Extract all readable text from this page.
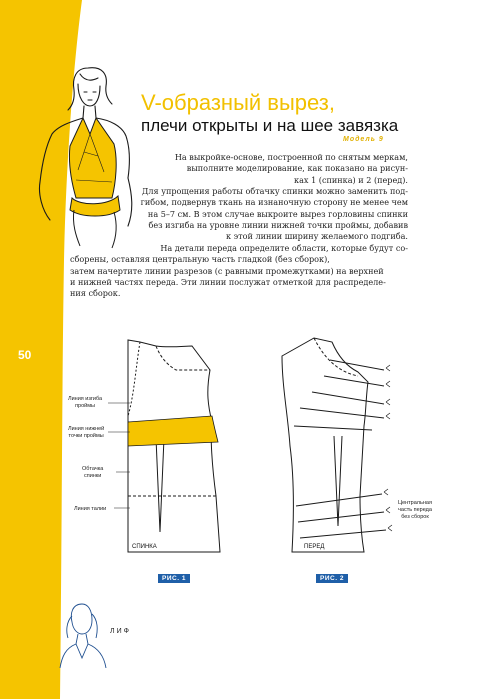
50
V-образный вырез,
плечи открыты и на шее завязка
Модель 9

На выкройке-основе, построенной по снятым меркам,
выполните моделирование, как показано на рисун-
ках 1 (спинка) и 2 (перед).

Для упрощения работы обтачку спинки можно заменить под-
гибом, подвернув ткань на изнаночную сторону не менее чем
на 5–7 см. В этом случае выкроите вырез горловины спинки
без изгиба на уровне линии нижней точки проймы, добавив
к этой линии ширину желаемого подгиба.

На детали переда определите области, которые будут со-
сборены, оставляя центральную часть гладкой (без сборок),
затем начертите линии разрезов (с равными промежутками) на верхней
и нижней частях переда. Эти линии послужат отметкой для распределе-
ния сборок.

СПИНКА
Линия изгиба
проймы
Линия нижней
точки проймы
Обтачка
спинки
Линия талии
РИС. 1
ПЕРЕД
Центральная
часть переда
без сборок
РИС. 2
ЛИФ
